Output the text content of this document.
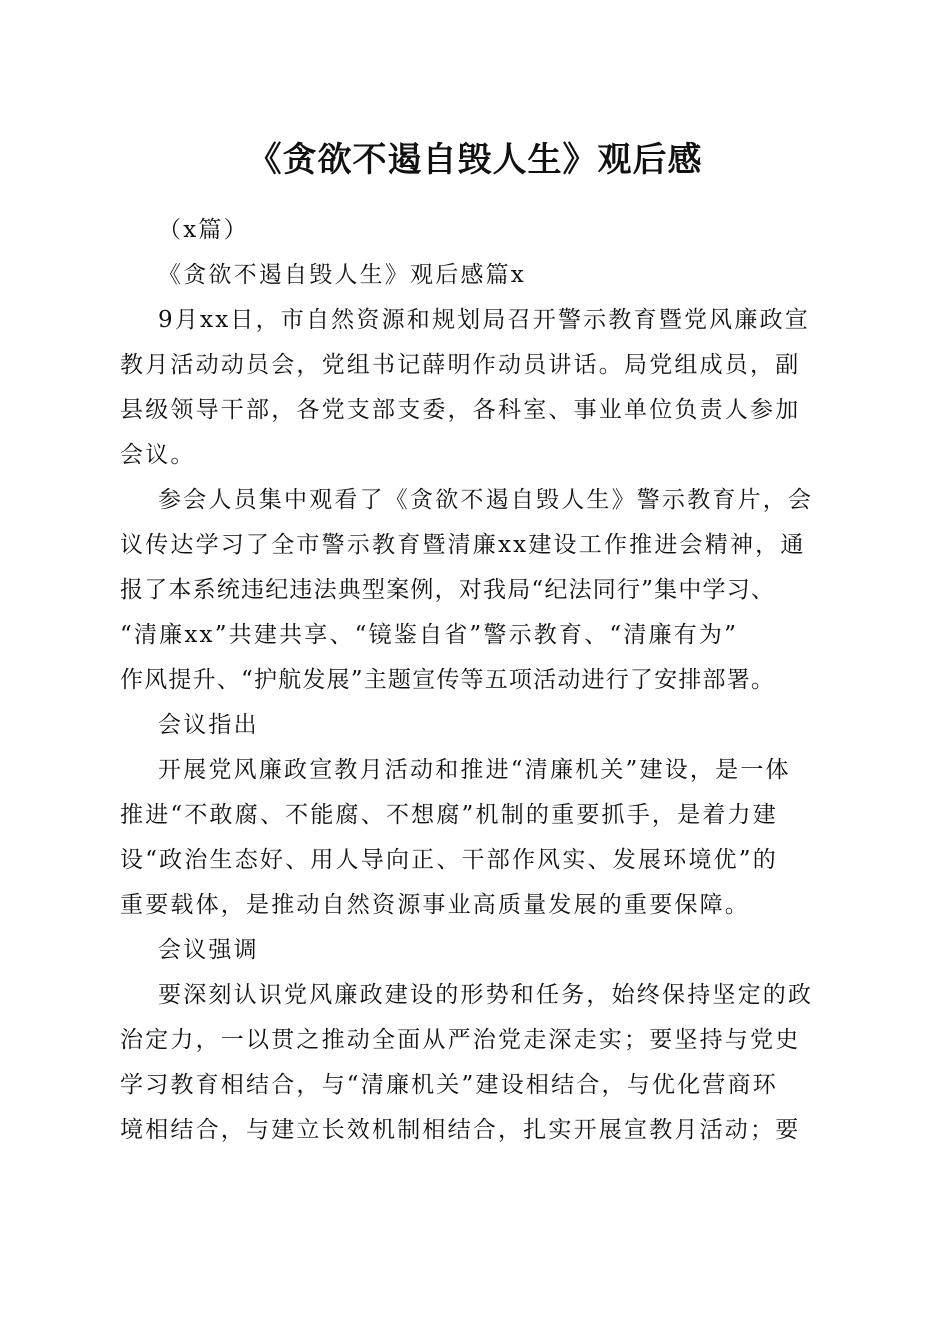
《贪欲不遏自毁人生》观后感
（x篇）
《贪欲不遏自毁人生》观后感篇x
9月xx日，市自然资源和规划局召开警示教育暨党风廉政宣
教月活动动员会，党组书记薛明作动员讲话。局党组成员，副
县级领导干部，各党支部支委，各科室、事业单位负责人参加
会议。
参会人员集中观看了《贪欲不遏自毁人生》警示教育片，会
议传达学习了全市警示教育暨清廉xx建设工作推进会精神，通
报了本系统违纪违法典型案例，对我局“纪法同行”集中学习、
“清廉xx”共建共享、“镜鉴自省”警示教育、“清廉有为”
作风提升、“护航发展”主题宣传等五项活动进行了安排部署。
会议指出
开展党风廉政宣教月活动和推进“清廉机关”建设，是一体
推进“不敢腐、不能腐、不想腐”机制的重要抓手，是着力建
设“政治生态好、用人导向正、干部作风实、发展环境优”的
重要载体，是推动自然资源事业高质量发展的重要保障。
会议强调
要深刻认识党风廉政建设的形势和任务，始终保持坚定的政
治定力，一以贯之推动全面从严治党走深走实；要坚持与党史
学习教育相结合，与“清廉机关”建设相结合，与优化营商环
境相结合，与建立长效机制相结合，扎实开展宣教月活动；要
